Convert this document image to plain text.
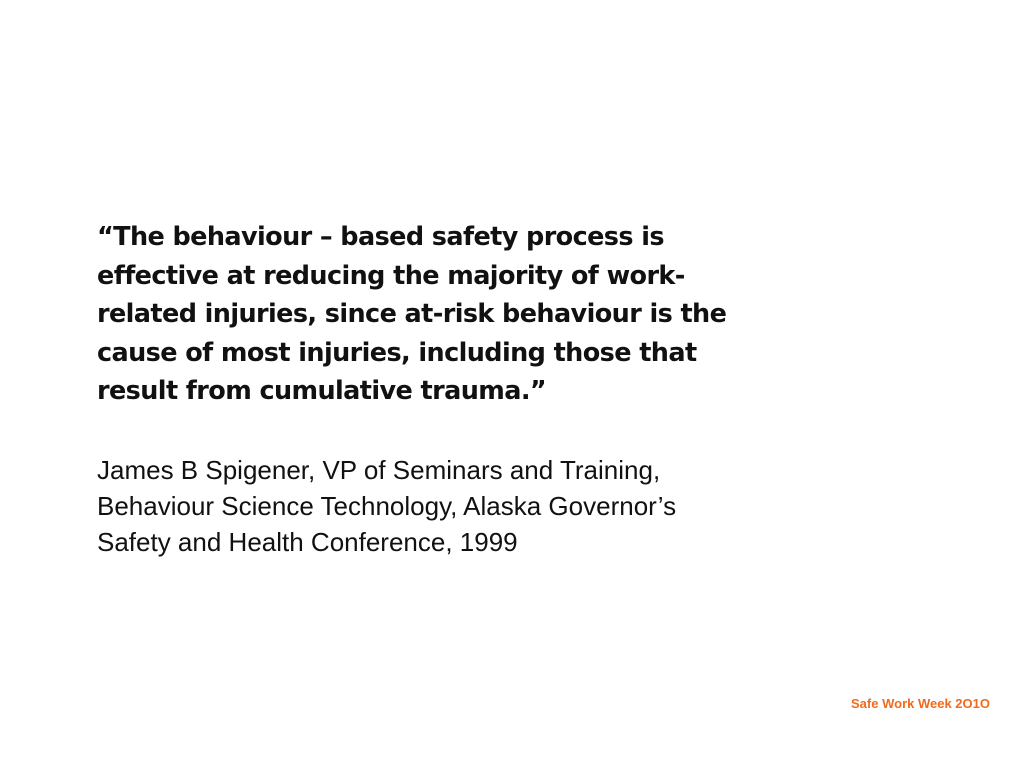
“The behaviour – based safety process is
effective at reducing the majority of work-
related injuries, since at-risk behaviour is the
cause of most injuries, including those that
result from cumulative trauma.”
James B Spigener, VP of Seminars and Training,
Behaviour Science Technology, Alaska Governor’s
Safety and Health Conference, 1999
Safe Work Week 2O1O
